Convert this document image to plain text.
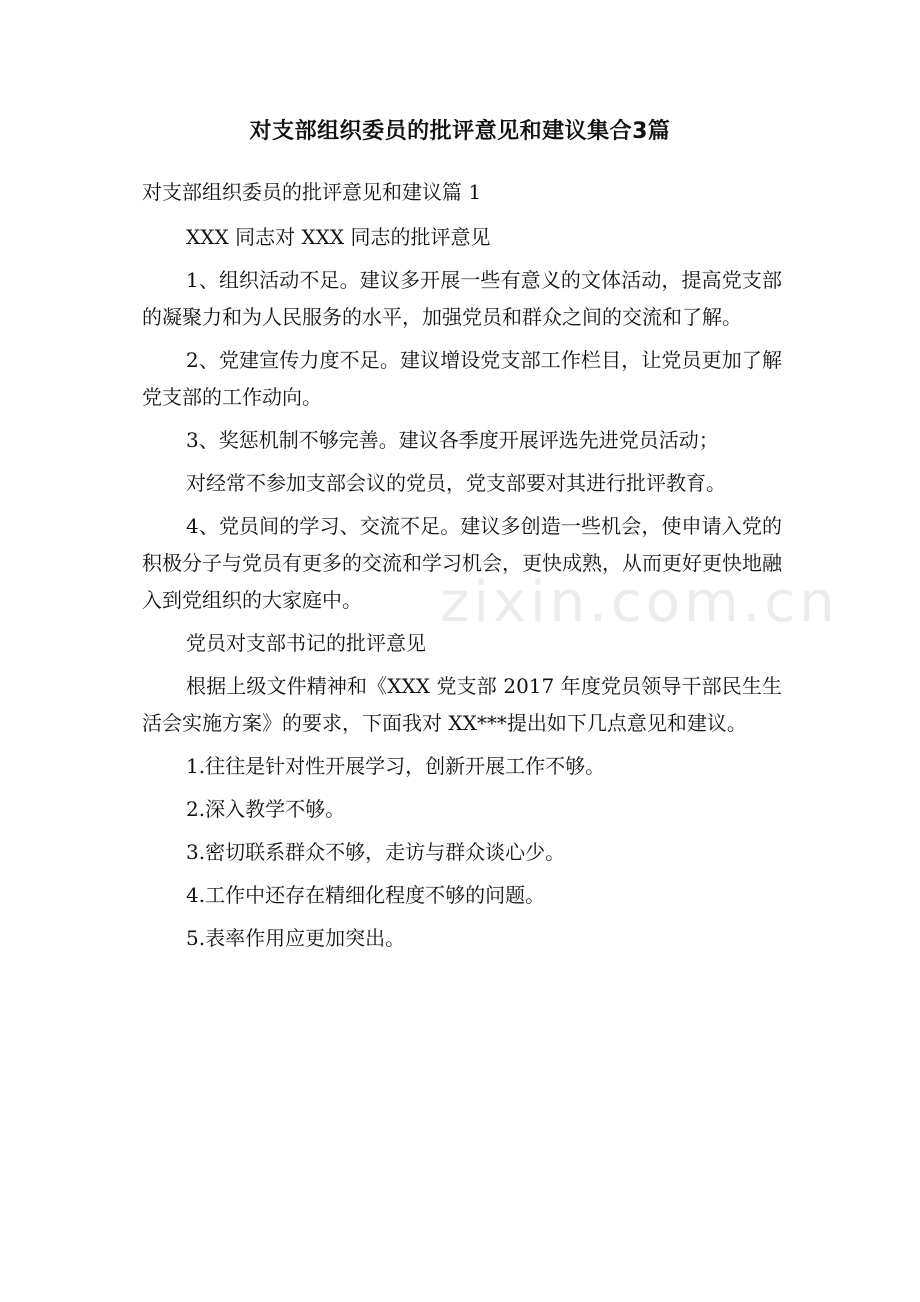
zixin.com.cn
对支部组织委员的批评意见和建议集合3篇

对支部组织委员的批评意见和建议篇 1

XXX 同志对 XXX 同志的批评意见

1、组织活动不足。建议多开展一些有意义的文体活动，提高党支部的凝聚力和为人民服务的水平，加强党员和群众之间的交流和了解。

2、党建宣传力度不足。建议增设党支部工作栏目，让党员更加了解党支部的工作动向。

3、奖惩机制不够完善。建议各季度开展评选先进党员活动；

对经常不参加支部会议的党员，党支部要对其进行批评教育。

4、党员间的学习、交流不足。建议多创造一些机会，使申请入党的积极分子与党员有更多的交流和学习机会，更快成熟，从而更好更快地融入到党组织的大家庭中。

党员对支部书记的批评意见

根据上级文件精神和《XXX 党支部 2017 年度党员领导干部民生生活会实施方案》的要求，下面我对 XX***提出如下几点意见和建议。

1.往往是针对性开展学习，创新开展工作不够。

2.深入教学不够。

3.密切联系群众不够，走访与群众谈心少。

4.工作中还存在精细化程度不够的问题。

5.表率作用应更加突出。
